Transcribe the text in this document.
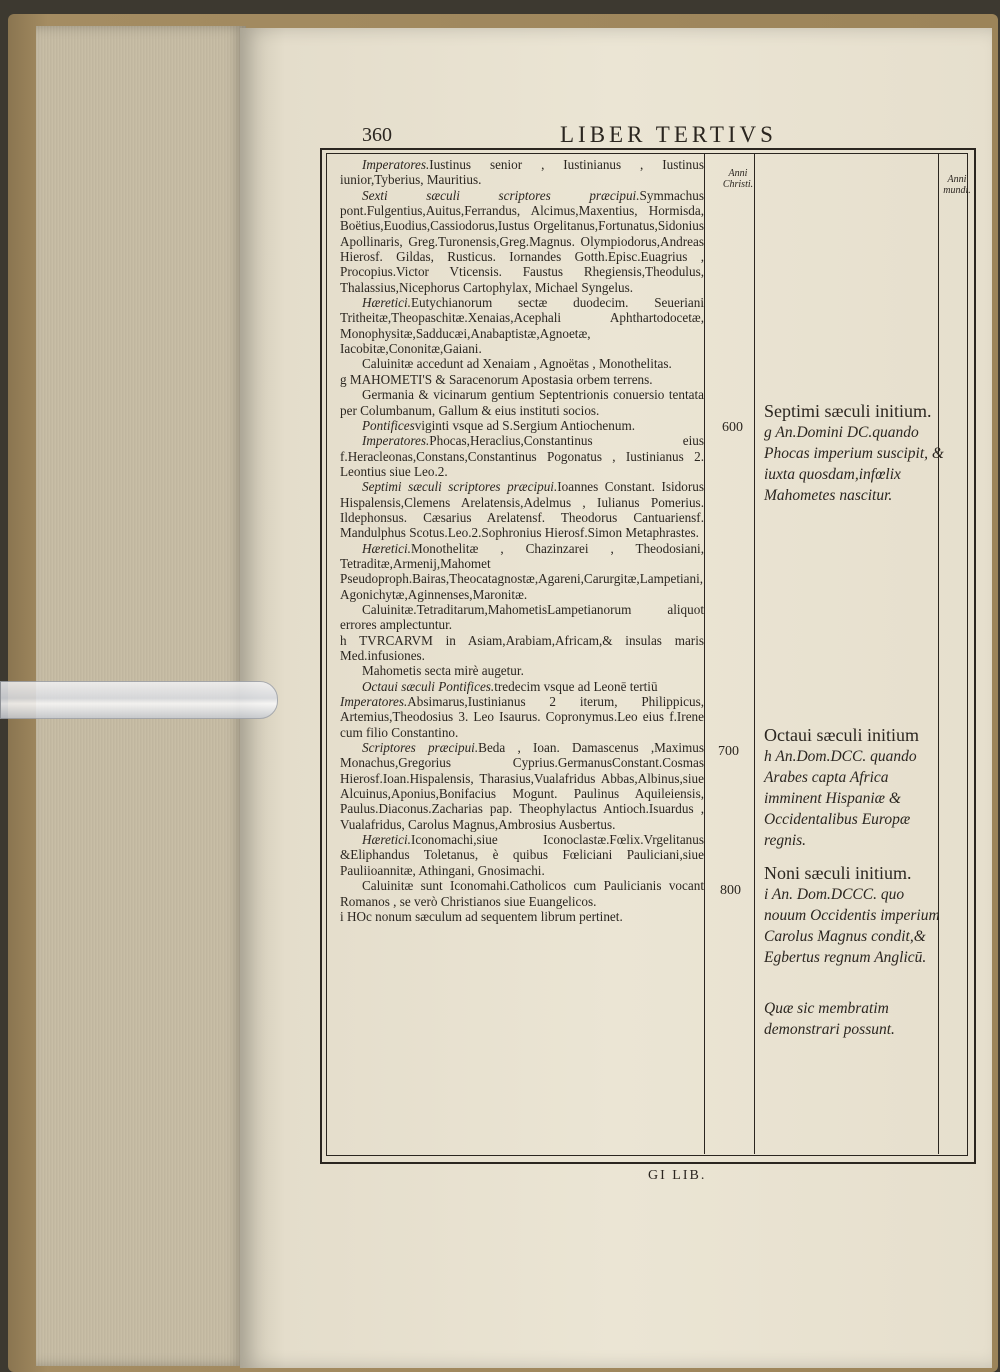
360	LIBER TERTIVS
Anni Christi.	Anni mundi.

Imperatores.Iustinus senior , Iustinianus , Iustinus iunior,Tyberius, Mauritius.

Sexti sæculi scriptores præcipui.Symmachus pont.Fulgentius,Auitus,Ferrandus, Alcimus,Maxentius, Hormisda, Boëtius,Euodius,Cassiodorus,Iustus Orgelitanus,Fortunatus,Sidonius Apollinaris, Greg.Turonensis,Greg.Magnus. Olympiodorus,Andreas Hierosf. Gildas, Rusticus. Iornandes Gotth.Episc.Euagrius , Procopius.Victor Vticensis. Faustus Rhegiensis,Theodulus, Thalassius,Nicephorus Cartophylax, Michael Syngelus.

Hæretici.Eutychianorum sectæ duodecim. Seueriani Tritheitæ,Theopaschitæ.Xenaias,Acephali Aphthartodocetæ, Monophysitæ,Sadducæi,Anabaptistæ,Agnoetæ, Iacobitæ,Cononitæ,Gaiani.

Caluinitæ accedunt ad Xenaiam , Agnoëtas , Monothelitas.

g MAHOMETI'S & Saracenorum Apostasia orbem terrens.

Germania & vicinarum gentium Septentrionis conuersio tentata per Columbanum, Gallum & eius instituti socios.

Pontificesviginti vsque ad S.Sergium Antiochenum.

Imperatores.Phocas,Heraclius,Constantinus eius f.Heracleonas,Constans,Constantinus Pogonatus , Iustinianus 2. Leontius siue Leo.2.

Septimi sæculi scriptores præcipui.Ioannes Constant. Isidorus Hispalensis,Clemens Arelatensis,Adelmus , Iulianus Pomerius. Ildephonsus. Cæsarius Arelatensf. Theodorus Cantuariensf. Mandulphus Scotus.Leo.2.Sophronius Hierosf.Simon Metaphrastes.

Hæretici.Monothelitæ , Chazinzarei , Theodosiani, Tetraditæ,Armenij,Mahomet Pseudoproph.Bairas,Theocatagnostæ,Agareni,Carurgitæ,Lampetiani, Agonichytæ,Aginnenses,Maronitæ.

Caluinitæ.Tetraditarum,MahometisLampetianorum aliquot errores amplectuntur.

h TVRCARVM in Asiam,Arabiam,Africam,& insulas maris Med.infusiones.

Mahometis secta mirè augetur.

Octaui sæculi Pontifices.tredecim vsque ad Leonē tertiū

Imperatores.Absimarus,Iustinianus 2 iterum, Philippicus, Artemius,Theodosius 3. Leo Isaurus. Copronymus.Leo eius f.Irene cum filio Constantino.

Scriptores præcipui.Beda , Ioan. Damascenus ,Maximus Monachus,Gregorius Cyprius.GermanusConstant.Cosmas Hierosf.Ioan.Hispalensis, Tharasius,Vualafridus Abbas,Albinus,siue Alcuinus,Aponius,Bonifacius Mogunt. Paulinus Aquileiensis, Paulus.Diaconus.Zacharias pap. Theophylactus Antioch.Isuardus , Vualafridus, Carolus Magnus,Ambrosius Ausbertus.

Hæretici.Iconomachi,siue Iconoclastæ.Fœlix.Vrgelitanus &Eliphandus Toletanus, è quibus Fœliciani Pauliciani,siue Pauliioannitæ, Athingani, Gnosimachi.

Caluinitæ sunt Iconomahi.Catholicos cum Paulicianis vocant Romanos , se verò Christianos siue Euangelicos.

i HOc nonum sæculum ad sequentem librum pertinet.

600
700
800
Septimi sæculi initium.
g An.Domini DC.quando Phocas imperium suscipit, & iuxta quosdam,infœlix Mahometes nascitur.
Octaui sæculi initium
h An.Dom.DCC. quando Arabes capta Africa imminent Hispaniæ & Occidentalibus Europæ regnis.
Noni sæculi initium.
i An. Dom.DCCC. quo nouum Occidentis imperium Carolus Magnus condit,& Egbertus regnum Anglicū.
Quæ sic membratim demonstrari possunt.
GI LIB.
